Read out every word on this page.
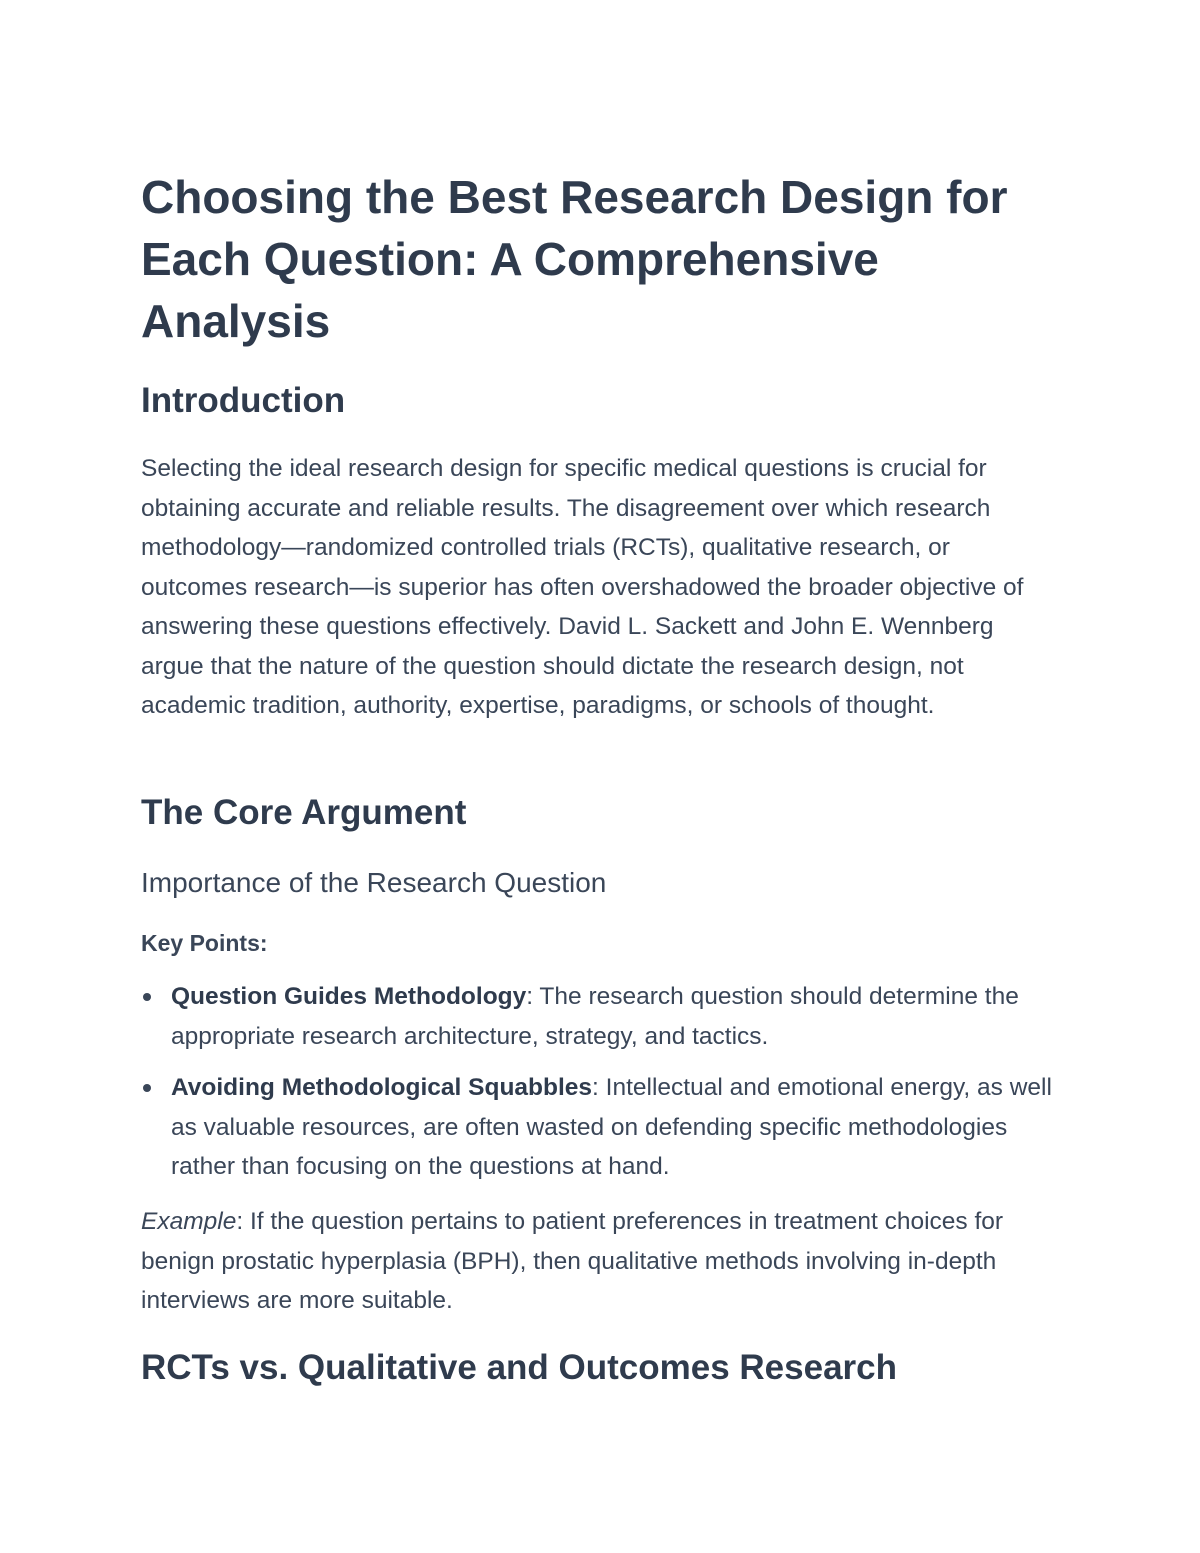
Choosing the Best Research Design for Each Question: A Comprehensive Analysis
Introduction

Selecting the ideal research design for specific medical questions is crucial for obtaining accurate and reliable results. The disagreement over which research methodology—randomized controlled trials (RCTs), qualitative research, or outcomes research—is superior has often overshadowed the broader objective of answering these questions effectively. David L. Sackett and John E. Wennberg argue that the nature of the question should dictate the research design, not academic tradition, authority, expertise, paradigms, or schools of thought.

The Core Argument
Importance of the Research Question

Key Points:

Question Guides Methodology: The research question should determine the appropriate research architecture, strategy, and tactics.
Avoiding Methodological Squabbles: Intellectual and emotional energy, as well as valuable resources, are often wasted on defending specific methodologies rather than focusing on the questions at hand.

Example: If the question pertains to patient preferences in treatment choices for benign prostatic hyperplasia (BPH), then qualitative methods involving in-depth interviews are more suitable.

RCTs vs. Qualitative and Outcomes Research
